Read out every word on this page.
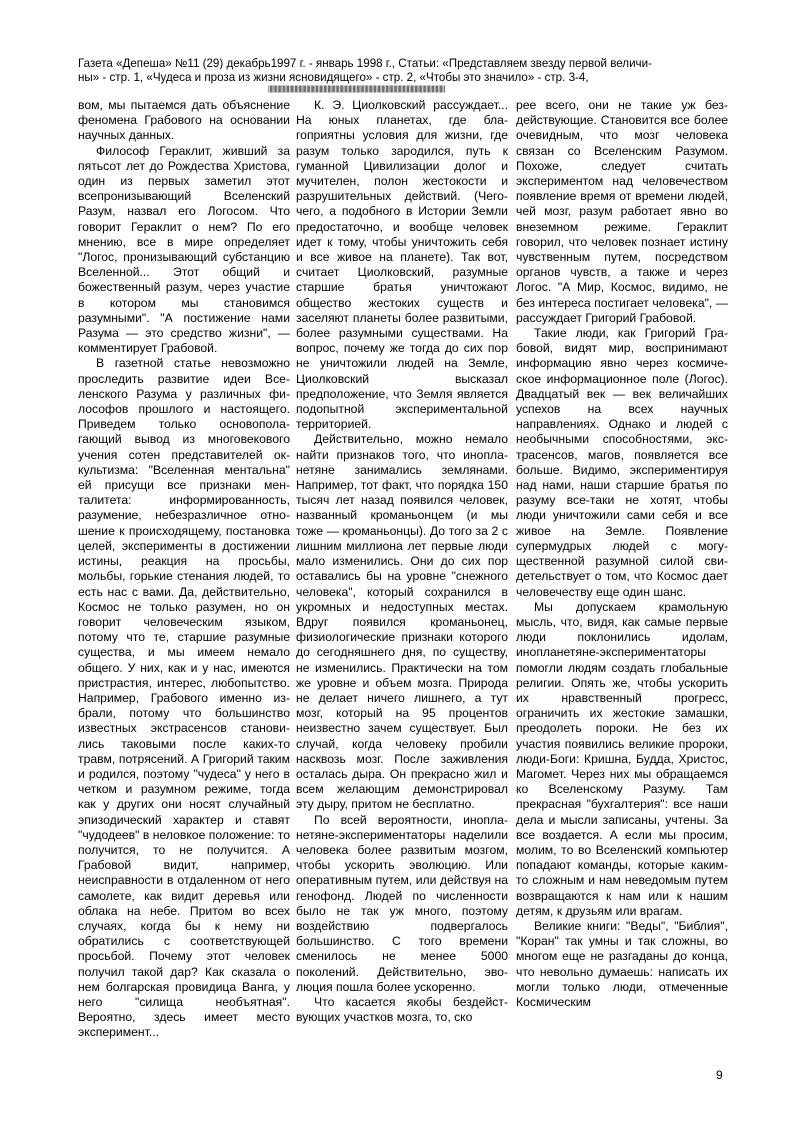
Газета «Депеша» №11 (29) декабрь1997 г. - январь 1998 г., Статьи: «Представляем звезду первой величи-
ны» - стр. 1, «Чудеса и проза из жизни ясновидящего» - стр. 2, «Чтобы это значило» - стр. 3-4,
||||||||||||||||||||||||||||||||||||||||||||||||||||||||||||||||||||||||||||||||||||||||||||||||||||||||||||||||||||||||||||||||||||||

вом, мы пытаемся дать объяснение феномена Грабового на основании научных данных.

Философ Гераклит, живший за пятьсот лет до Рождества Христова, один из первых заметил этот всепронизывающий Вселенский Разум, назвал его Логосом. Что говорит Гераклит о нем? По его мнению, все в мире определяет "Логос, пронизывающий субстанцию Вселенной... Этот общий и божественный разум, через участие в котором мы становимся разумными". "А постижение нами Разума — это средство жизни", — комментирует Грабовой.

В газетной статье невозможно проследить развитие идеи Вселенского Разума у различных философов прошлого и настоящего. Приведем только основополагающий вывод из многовекового учения сотен представителей оккультизма: "Вселенная ментальна" ей присущи все признаки менталитета: информированность, разумение, небезразличное отношение к происходящему, постановка целей, эксперименты в достижении истины, реакция на просьбы, мольбы, горькие стенания людей, то есть нас с вами. Да, действительно, Космос не только разумен, но он говорит человеческим языком, потому что те, старшие разумные существа, и мы имеем немало общего. У них, как и у нас, имеются пристрастия, интерес, любопытство. Например, Грабового именно избрали, потому что большинство известных экстрасенсов становились таковыми после каких-то травм, потрясений. А Григорий таким и родился, поэтому "чудеса" у него в четком и разумном режиме, тогда как у других они носят случайный эпизодический характер и ставят "чудодеев" в неловкое положение: то получится, то не получится. А Грабовой видит, например, неисправности в отдаленном от него самолете, как видит деревья или облака на небе. Притом во всех случаях, когда бы к нему ни обратились с соответствующей просьбой. Почему этот человек получил такой дар? Как сказала о нем болгарская провидица Ванга, у него "силища необъятная". Вероятно, здесь имеет место эксперимент...

К. Э. Циолковский рассуждает... На юных планетах, где благоприятны условия для жизни, где разум только зародился, путь к гуманной Цивилизации долог и мучителен, полон жестокости и разрушительных действий. (Чего-чего, а подобного в Истории Земли предостаточно, и вообще человек идет к тому, чтобы уничтожить себя и все живое на планете). Так вот, считает Циолковский, разумные старшие братья уничтожают общество жестоких существ и заселяют планеты более развитыми, более разумными существами. На вопрос, почему же тогда до сих пор не уничтожили людей на Земле, Циолковский высказал предположение, что Земля является подопытной экспериментальной территорией.

Действительно, можно немало найти признаков того, что инопланетяне занимались землянами. Например, тот факт, что порядка 150 тысяч лет назад появился человек, названный кроманьонцем (и мы тоже — кроманьонцы). До того за 2 с лишним миллиона лет первые люди мало изменились. Они до сих пор оставались бы на уровне "снежного человека", который сохранился в укромных и недоступных местах. Вдруг появился кроманьонец, физиологические признаки которого до сегодняшнего дня, по существу, не изменились. Практически на том же уровне и объем мозга. Природа не делает ничего лишнего, а тут мозг, который на 95 процентов неизвестно зачем существует. Был случай, когда человеку пробили насквозь мозг. После заживления осталась дыра. Он прекрасно жил и всем желающим демонстрировал эту дыру, притом не бесплатно.

По всей вероятности, инопланетяне-экспериментаторы наделили человека более развитым мозгом, чтобы ускорить эволюцию. Или оперативным путем, или действуя на генофонд. Людей по численности было не так уж много, поэтому воздействию подвергалось большинство. С того времени сменилось не менее 5000 поколений. Действительно, эволюция пошла более ускоренно.

Что касается якобы бездействующих участков мозга, то, ско

рее всего, они не такие уж бездействующие. Становится все более очевидным, что мозг человека связан со Вселенским Разумом. Похоже, следует считать экспериментом над человечеством появление время от времени людей, чей мозг, разум работает явно во внеземном режиме. Гераклит говорил, что человек познает истину чувственным путем, посредством органов чувств, а также и через Логос. "А Мир, Космос, видимо, не без интереса постигает человека", — рассуждает Григорий Грабовой.

Такие люди, как Григорий Грабовой, видят мир, воспринимают информацию явно через космическое информационное поле (Логос). Двадцатый век — век величайших успехов на всех научных направлениях. Однако и людей с необычными способностями, экстрасенсов, магов, появляется все больше. Видимо, экспериментируя над нами, наши старшие братья по разуму все-таки не хотят, чтобы люди уничтожили сами себя и все живое на Земле. Появление супермудрых людей с могущественной разумной силой свидетельствует о том, что Космос дает человечеству еще один шанс.

Мы допускаем крамольную мысль, что, видя, как самые первые люди поклонились идолам, инопланетяне-экспериментаторы помогли людям создать глобальные религии. Опять же, чтобы ускорить их нравственный прогресс, ограничить их жестокие замашки, преодолеть пороки. Не без их участия появились великие пророки, люди-Боги: Кришна, Будда, Христос, Магомет. Через них мы обращаемся ко Вселенскому Разуму. Там прекрасная "бухгалтерия": все наши дела и мысли записаны, учтены. За все воздается. А если мы просим, молим, то во Вселенский компьютер попадают команды, которые каким-то сложным и нам неведомым путем возвращаются к нам или к нашим детям, к друзьям или врагам.

Великие книги: "Веды", "Библия", "Коран" так умны и так сложны, во многом еще не разгаданы до конца, что невольно думаешь: написать их могли только люди, отмеченные Космическим

9
